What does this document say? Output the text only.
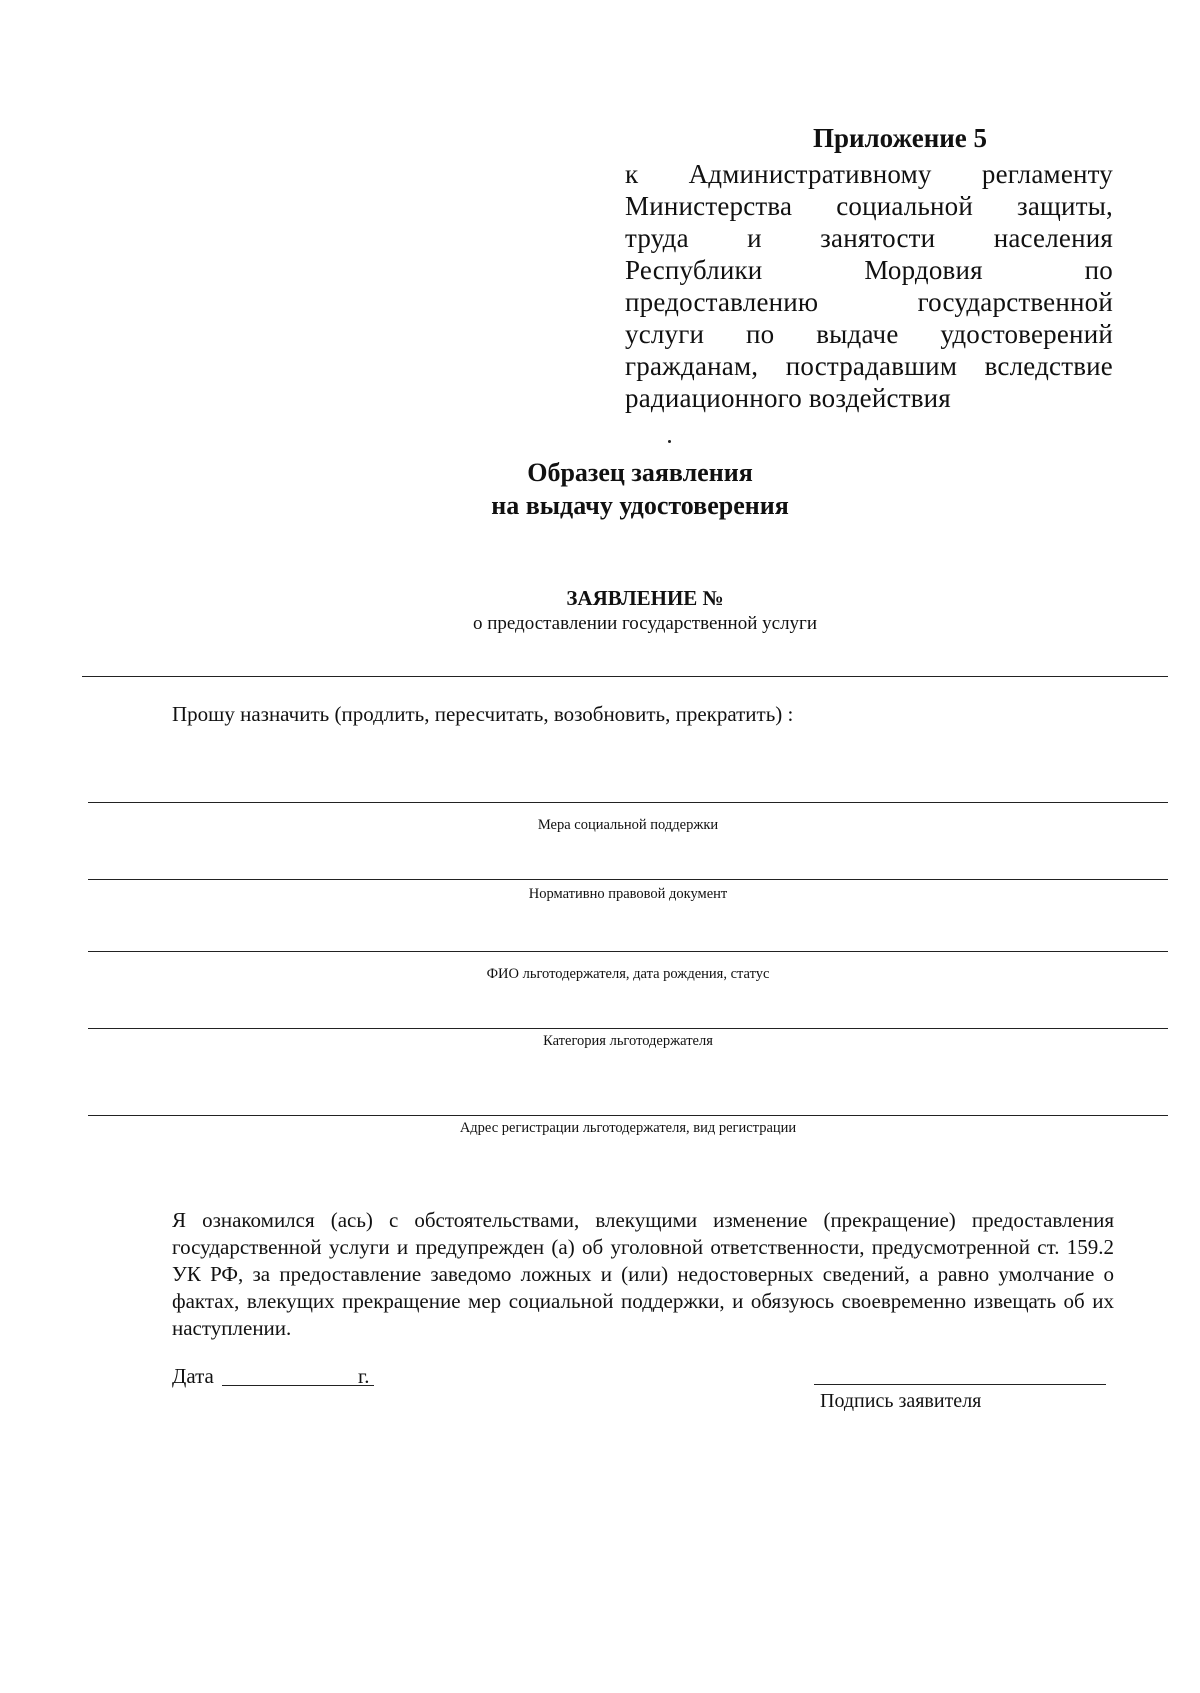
Приложение 5
к Административному регламенту
Министерства социальной защиты,
труда и занятости населения
Республики Мордовия по
предоставлению государственной
услуги по выдаче удостоверений
гражданам, пострадавшим вследствие
радиационного воздействия
Образец заявления
на выдачу удостоверения
ЗАЯВЛЕНИЕ №
о предоставлении государственной услуги
Прошу назначить (продлить, пересчитать, возобновить, прекратить) :
Мера социальной поддержки
Нормативно правовой документ
ФИО льготодержателя, дата рождения, статус
Категория льготодержателя
Адрес регистрации льготодержателя, вид регистрации
Я ознакомился (ась) с обстоятельствами, влекущими изменение (прекращение) предоставления государственной услуги и предупрежден (а) об уголовной ответственности, предусмотренной ст. 159.2 УК РФ, за предоставление заведомо ложных и (или) недостоверных сведений, а равно умолчание о фактах, влекущих прекращение мер социальной поддержки, и обязуюсь своевременно извещать об их наступлении.
Дата	г.
Подпись заявителя
